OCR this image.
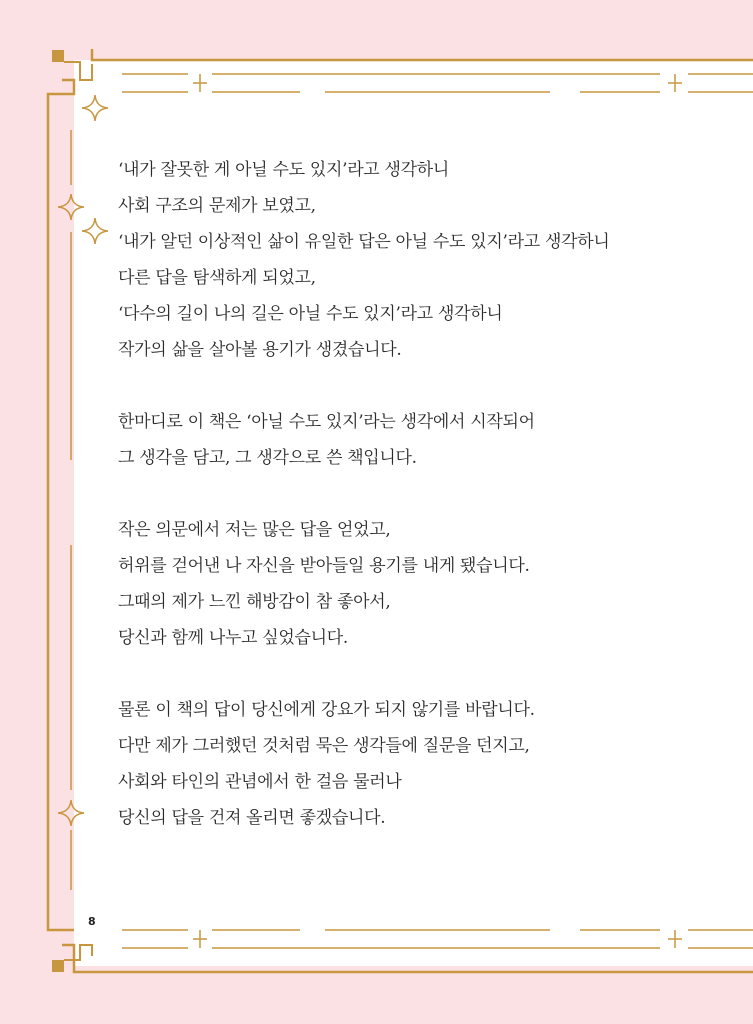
‘내가 잘못한 게 아닐 수도 있지’라고 생각하니
사회 구조의 문제가 보였고,
‘내가 알던 이상적인 삶이 유일한 답은 아닐 수도 있지’라고 생각하니
다른 답을 탐색하게 되었고,
‘다수의 길이 나의 길은 아닐 수도 있지’라고 생각하니
작가의 삶을 살아볼 용기가 생겼습니다.
한마디로 이 책은 ‘아닐 수도 있지’라는 생각에서 시작되어
그 생각을 담고, 그 생각으로 쓴 책입니다.
작은 의문에서 저는 많은 답을 얻었고,
허위를 걷어낸 나 자신을 받아들일 용기를 내게 됐습니다.
그때의 제가 느낀 해방감이 참 좋아서,
당신과 함께 나누고 싶었습니다.
물론 이 책의 답이 당신에게 강요가 되지 않기를 바랍니다.
다만 제가 그러했던 것처럼 묵은 생각들에 질문을 던지고,
사회와 타인의 관념에서 한 걸음 물러나
당신의 답을 건져 올리면 좋겠습니다.
8
